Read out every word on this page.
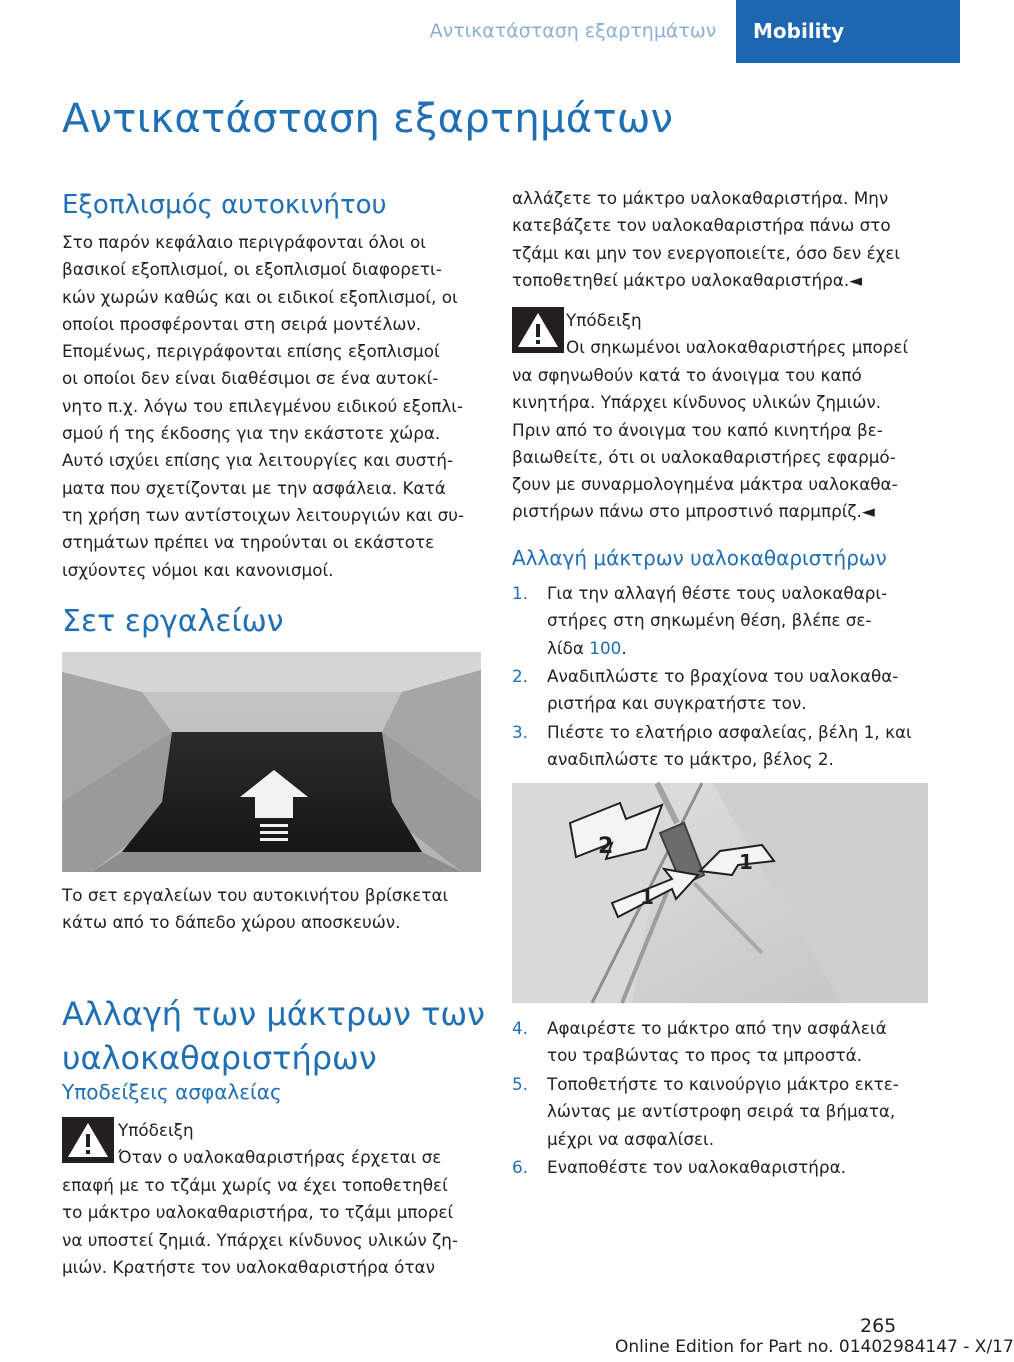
Αντικατάσταση εξαρτημάτων	Mobility
Αντικατάσταση εξαρτημάτων
Εξοπλισμός αυτοκινήτου
Στο παρόν κεφάλαιο περιγράφονται όλοι οι
βασικοί εξοπλισμοί, οι εξοπλισμοί διαφορετι‐
κών χωρών καθώς και οι ειδικοί εξοπλισμοί, οι
οποίοι προσφέρονται στη σειρά μοντέλων.
Επομένως, περιγράφονται επίσης εξοπλισμοί
οι οποίοι δεν είναι διαθέσιμοι σε ένα αυτοκί‐
νητο π.χ. λόγω του επιλεγμένου ειδικού εξοπλι‐
σμού ή της έκδοσης για την εκάστοτε χώρα.
Αυτό ισχύει επίσης για λειτουργίες και συστή‐
ματα που σχετίζονται με την ασφάλεια. Κατά
τη χρήση των αντίστοιχων λειτουργιών και συ‐
στημάτων πρέπει να τηρούνται οι εκάστοτε
ισχύοντες νόμοι και κανονισμοί.
Σετ εργαλείων
Το σετ εργαλείων του αυτοκινήτου βρίσκεται
κάτω από το δάπεδο χώρου αποσκευών.
Αλλαγή των μάκτρων των
υαλοκαθαριστήρων
Υποδείξεις ασφαλείας
Υπόδειξη
Όταν ο υαλοκαθαριστήρας έρχεται σε
επαφή με το τζάμι χωρίς να έχει τοποθετηθεί
το μάκτρο υαλοκαθαριστήρα, το τζάμι μπορεί
να υποστεί ζημιά. Υπάρχει κίνδυνος υλικών ζη‐
μιών. Κρατήστε τον υαλοκαθαριστήρα όταν
αλλάζετε το μάκτρο υαλοκαθαριστήρα. Μην
κατεβάζετε τον υαλοκαθαριστήρα πάνω στο
τζάμι και μην τον ενεργοποιείτε, όσο δεν έχει
τοποθετηθεί μάκτρο υαλοκαθαριστήρα.◄
Υπόδειξη
Οι σηκωμένοι υαλοκαθαριστήρες μπορεί
να σφηνωθούν κατά το άνοιγμα του καπό
κινητήρα. Υπάρχει κίνδυνος υλικών ζημιών.
Πριν από το άνοιγμα του καπό κινητήρα βε‐
βαιωθείτε, ότι οι υαλοκαθαριστήρες εφαρμό‐
ζουν με συναρμολογημένα μάκτρα υαλοκαθα‐
ριστήρων πάνω στο μπροστινό παρμπρίζ.◄
Αλλαγή μάκτρων υαλοκαθαριστήρων
1. Για την αλλαγή θέστε τους υαλοκαθαρι‐
στήρες στη σηκωμένη θέση, βλέπε σε‐
λίδα 100.
2. Αναδιπλώστε το βραχίονα του υαλοκαθα‐
ριστήρα και συγκρατήστε τον.
3. Πιέστε το ελατήριο ασφαλείας, βέλη 1, και
αναδιπλώστε το μάκτρο, βέλος 2.
2
1
1
4. Αφαιρέστε το μάκτρο από την ασφάλειά
του τραβώντας το προς τα μπροστά.
5. Τοποθετήστε το καινούργιο μάκτρο εκτε‐
λώντας με αντίστροφη σειρά τα βήματα,
μέχρι να ασφαλίσει.
6. Εναποθέστε τον υαλοκαθαριστήρα.
265
Online Edition for Part no. 01402984147 - X/17
